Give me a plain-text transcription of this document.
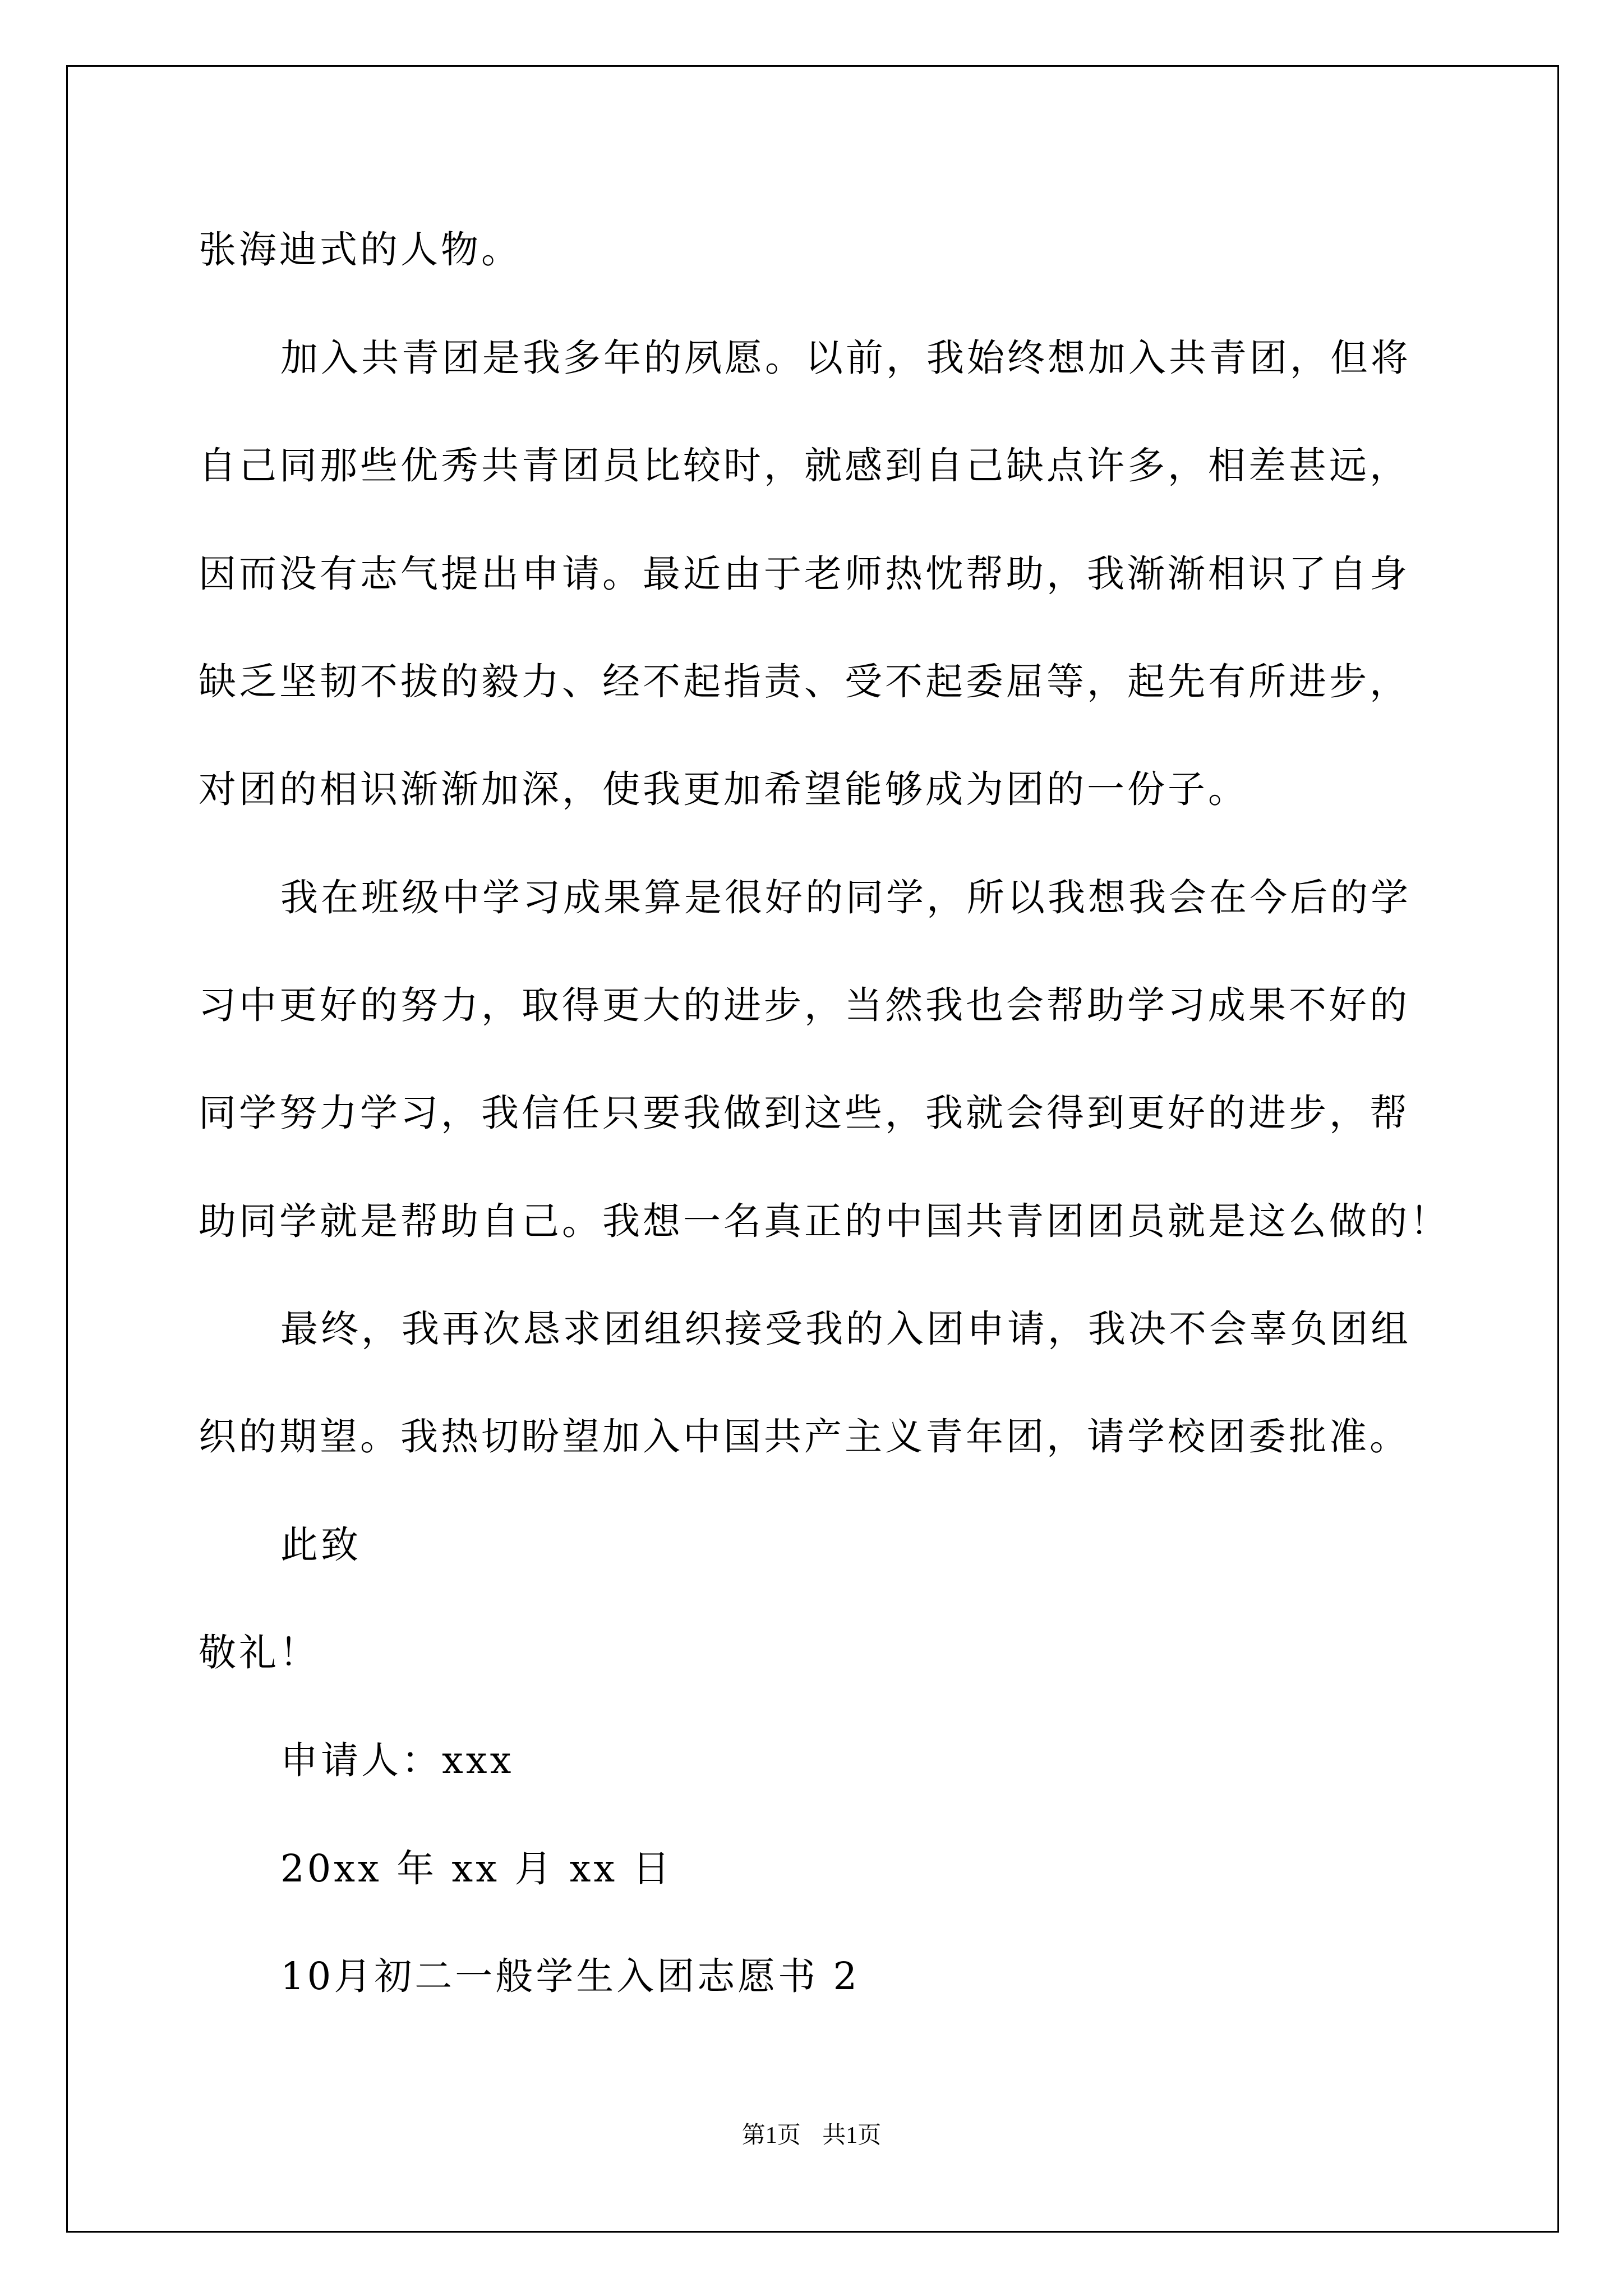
张海迪式的人物。
加入共青团是我多年的夙愿。以前，我始终想加入共青团，但将
自己同那些优秀共青团员比较时，就感到自己缺点许多，相差甚远，
因而没有志气提出申请。最近由于老师热忱帮助，我渐渐相识了自身
缺乏坚韧不拔的毅力、经不起指责、受不起委屈等，起先有所进步，
对团的相识渐渐加深，使我更加希望能够成为团的一份子。
我在班级中学习成果算是很好的同学，所以我想我会在今后的学
习中更好的努力，取得更大的进步，当然我也会帮助学习成果不好的
同学努力学习，我信任只要我做到这些，我就会得到更好的进步，帮
助同学就是帮助自己。我想一名真正的中国共青团团员就是这么做的！
最终，我再次恳求团组织接受我的入团申请，我决不会辜负团组
织的期望。我热切盼望加入中国共产主义青年团，请学校团委批准。
此致
敬礼！
申请人：xxx
20xx 年 xx 月 xx 日
10月初二一般学生入团志愿书 2
第1页 共1页
